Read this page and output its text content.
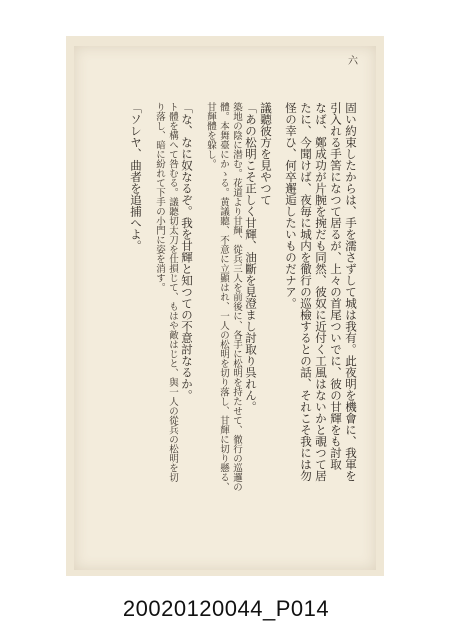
六
固い約束したからは、手を濡さずして城は我有。此夜明を機會に、我軍を
引入れる手筈になつて居るが、上々の首尾ついでに、彼の甘輝をも討取
なば、鄭成功が片腕を捥だも同然、彼奴に近付く工風はないかと覗つて居
たに、今聞けば、夜毎に城内を徹行の巡檢するとの話、それこそ我には勿
怪の幸ひ、何卒邂逅したいものだナア。
議聽彼方を見やつて
「あの松明こそ正しく甘輝、油斷を見澄まし討取り呉れん。
築地の陰に潜む。花道より甘輝、從兵三人を前後に、各手に松明を持たせて、徹行の巡邏の
體。本舞臺にかゝる。黄議聽、不意に立顯はれ、一人の松明を切り落し、甘輝に切り懸る、
甘輝體を躱し。
「な、なに奴なるぞ。我を甘輝と知つての不意討なるか。
ト體を構へて咎むる。議聽切太刀を仕損じて、もはや敵はじと、與一人の從兵の松明を切
り落し、暗に紛れて下手の小門に姿を消す。
「ソレヤ、曲者を追捕へよ。
20020120044_P014
